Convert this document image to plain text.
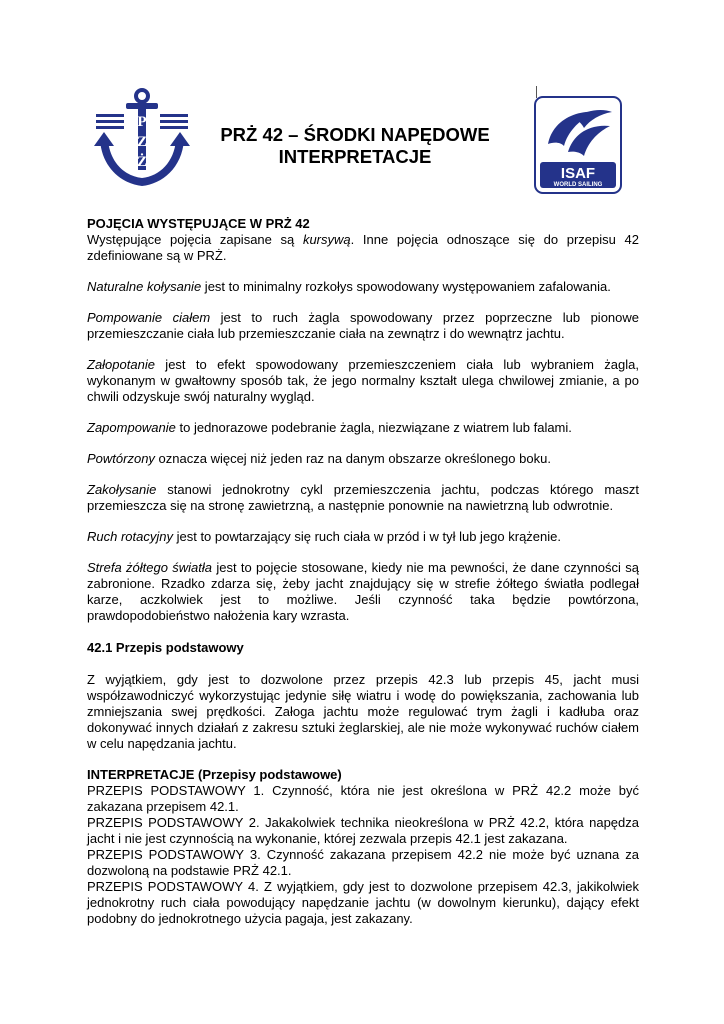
P
Z
Ż
PRŻ 42 – ŚRODKI NAPĘDOWE
INTERPRETACJE
ISAF
WORLD SAILING
POJĘCIA WYSTĘPUJĄCE W PRŻ 42

Występujące pojęcia zapisane są kursywą. Inne pojęcia odnoszące się do przepisu 42 zdefiniowane są w PRŻ.

Naturalne kołysanie jest to minimalny rozkołys spowodowany występowaniem zafalowania.

Pompowanie ciałem jest to ruch żagla spowodowany przez poprzeczne lub pionowe przemieszczanie ciała lub przemieszczanie ciała na zewnątrz i do wewnątrz jachtu.

Załopotanie jest to efekt spowodowany przemieszczeniem ciała lub wybraniem żagla, wykonanym w gwałtowny sposób tak, że jego normalny kształt ulega chwilowej zmianie, a po chwili odzyskuje swój naturalny wygląd.

Zapompowanie to jednorazowe podebranie żagla, niezwiązane z wiatrem lub falami.

Powtórzony oznacza więcej niż jeden raz na danym obszarze określonego boku.

Zakołysanie stanowi jednokrotny cykl przemieszczenia jachtu, podczas którego maszt przemieszcza się na stronę zawietrzną, a następnie ponownie na nawietrzną lub odwrotnie.

Ruch rotacyjny jest to powtarzający się ruch ciała w przód i w tył lub jego krążenie.

Strefa żółtego światła jest to pojęcie stosowane, kiedy nie ma pewności, że dane czynności są zabronione. Rzadko zdarza się, żeby jacht znajdujący się w strefie żółtego światła podlegał karze, aczkolwiek jest to możliwe. Jeśli czynność taka będzie powtórzona, prawdopodobieństwo nałożenia kary wzrasta.

42.1 Przepis podstawowy

Z wyjątkiem, gdy jest to dozwolone przez przepis 42.3 lub przepis 45, jacht musi współzawodniczyć wykorzystując jedynie siłę wiatru i wodę do powiększania, zachowania lub zmniejszania swej prędkości. Załoga jachtu może regulować trym żagli i kadłuba oraz dokonywać innych działań z zakresu sztuki żeglarskiej, ale nie może wykonywać ruchów ciałem w celu napędzania jachtu.

INTERPRETACJE (Przepisy podstawowe)

PRZEPIS PODSTAWOWY 1. Czynność, która nie jest określona w PRŻ 42.2 może być zakazana przepisem 42.1.

PRZEPIS PODSTAWOWY 2. Jakakolwiek technika nieokreślona w PRŻ 42.2, która napędza jacht i nie jest czynnością na wykonanie, której zezwala przepis 42.1 jest zakazana.

PRZEPIS PODSTAWOWY 3. Czynność zakazana przepisem 42.2 nie może być uznana za dozwoloną na podstawie PRŻ 42.1.

PRZEPIS PODSTAWOWY 4. Z wyjątkiem, gdy jest to dozwolone przepisem 42.3, jakikolwiek jednokrotny ruch ciała powodujący napędzanie jachtu (w dowolnym kierunku), dający efekt podobny do jednokrotnego użycia pagaja, jest zakazany.
